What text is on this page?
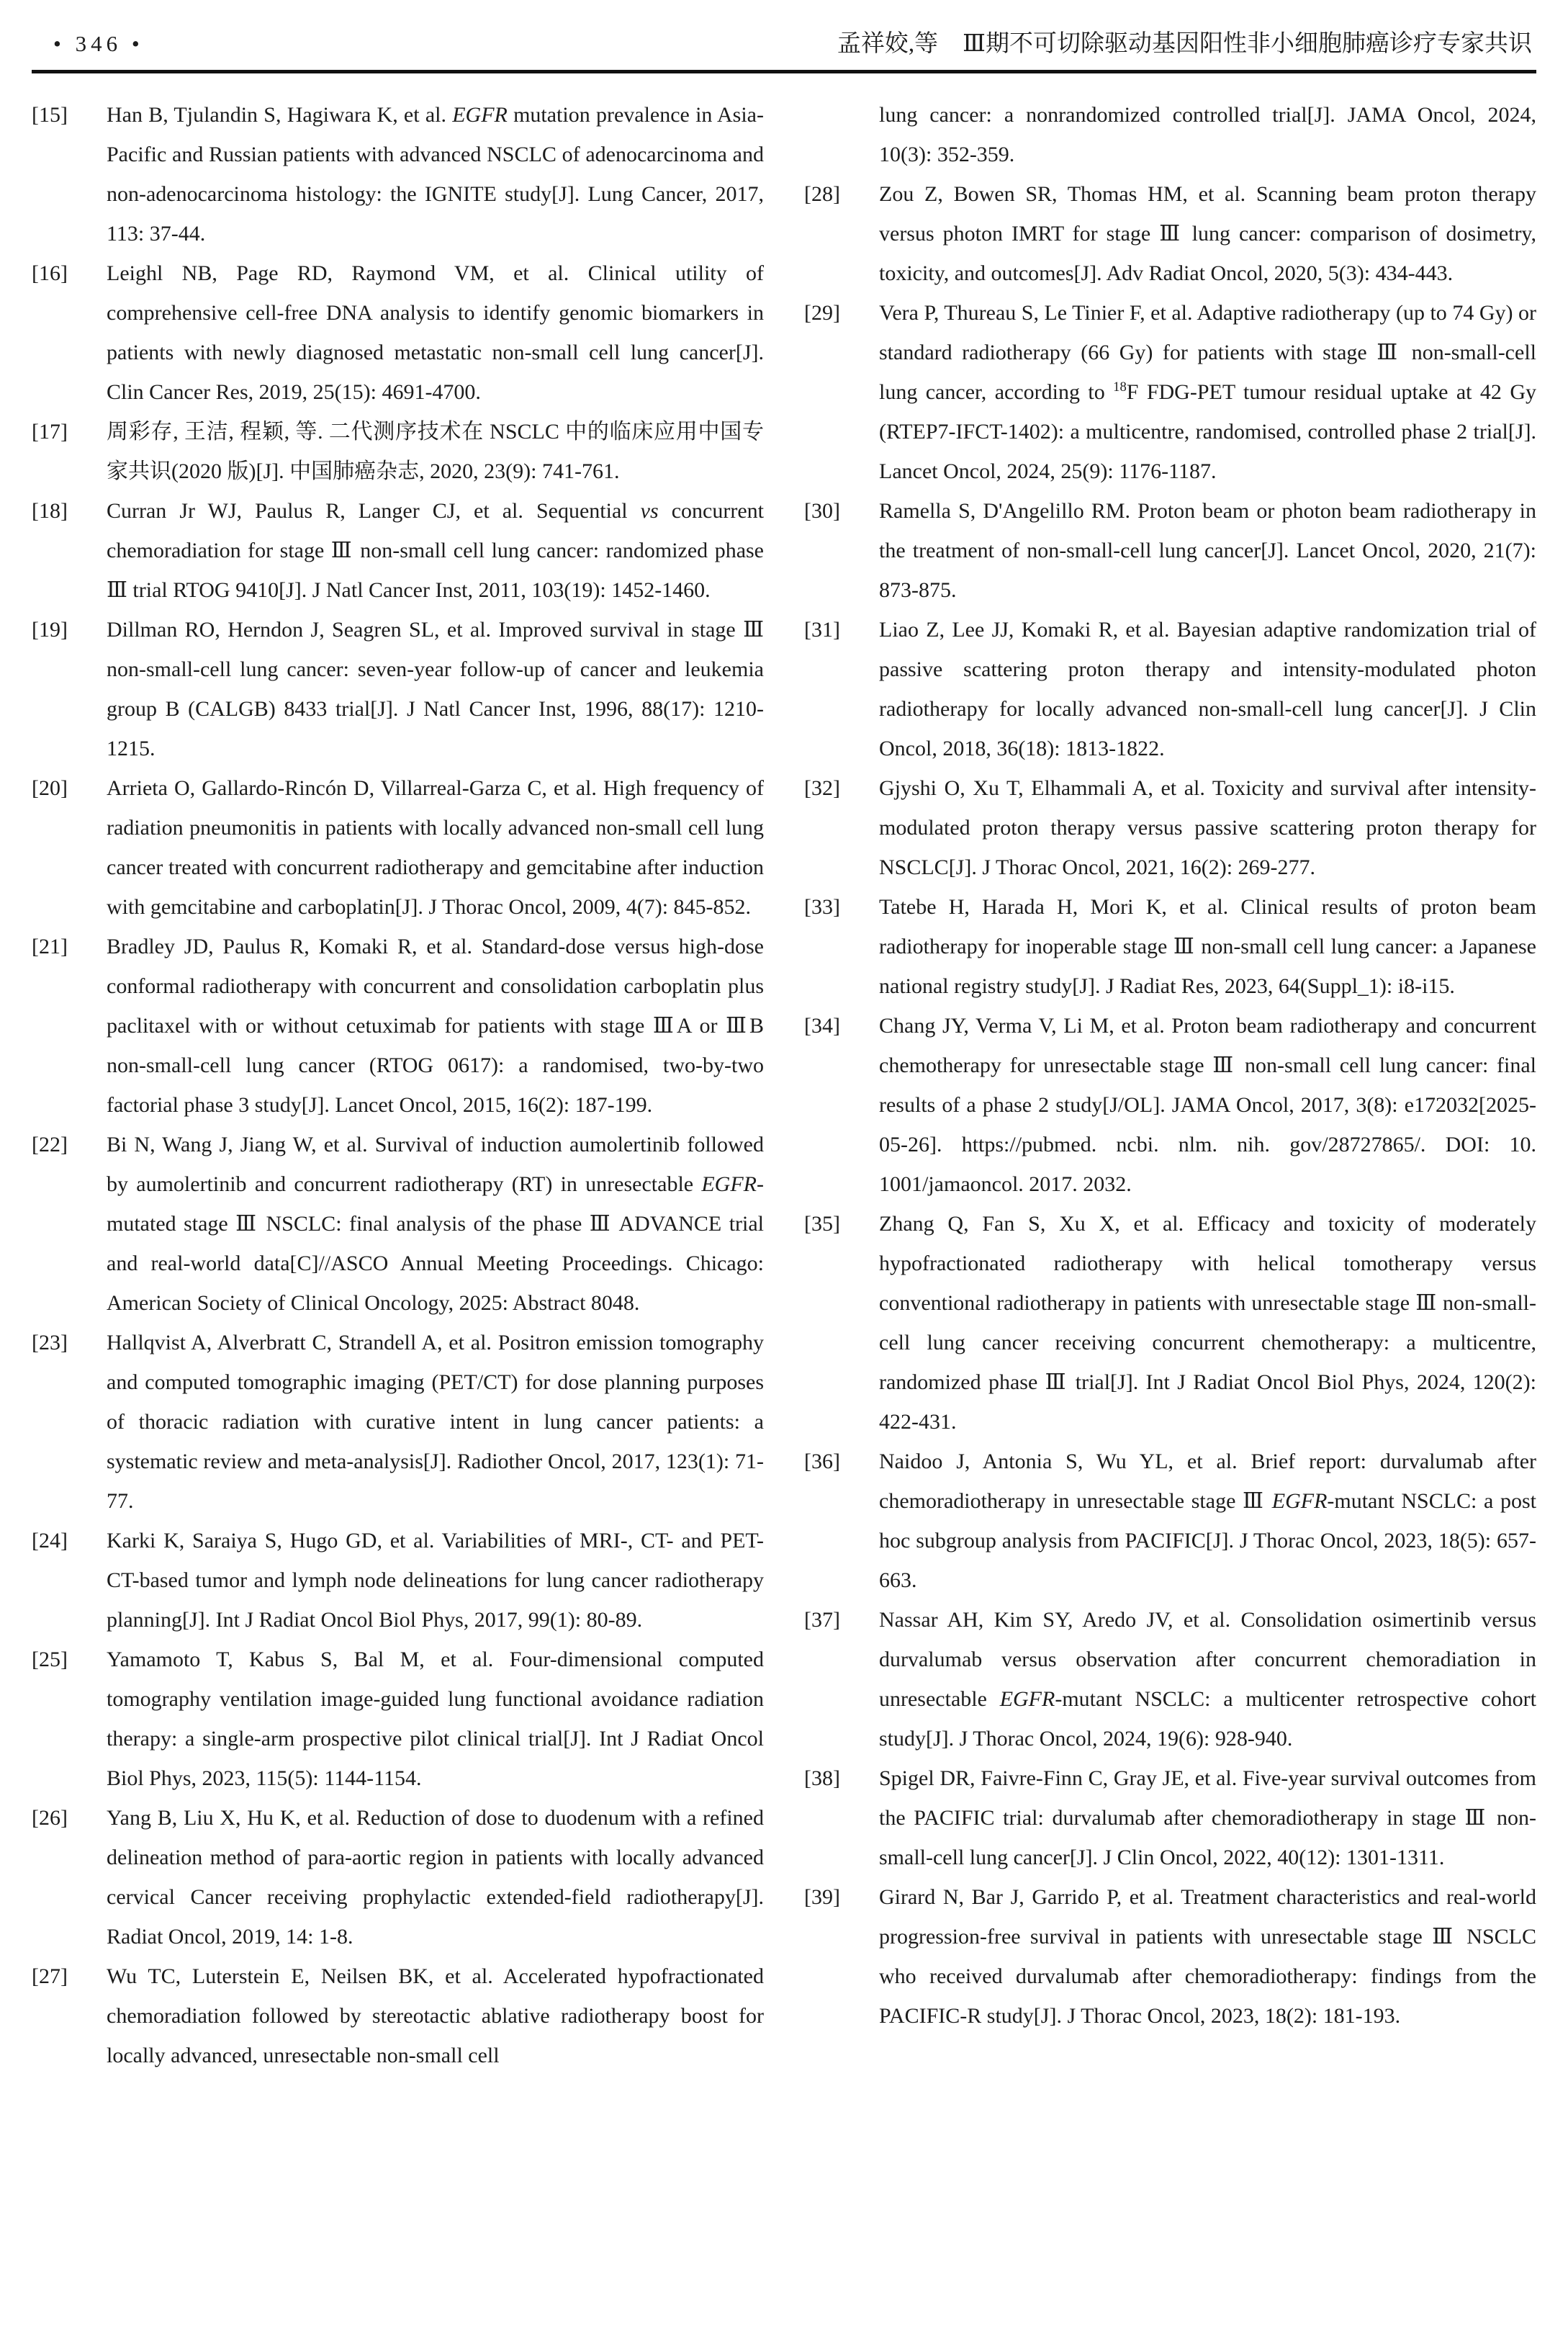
• 346 •	孟祥姣,等 Ⅲ期不可切除驱动基因阳性非小细胞肺癌诊疗专家共识
[15]	Han B, Tjulandin S, Hagiwara K, et al. EGFR mutation prevalence in Asia-Pacific and Russian patients with advanced NSCLC of adenocarcinoma and non-adenocarcinoma histology: the IGNITE study[J]. Lung Cancer, 2017, 113: 37-44.
[16]	Leighl NB, Page RD, Raymond VM, et al. Clinical utility of comprehensive cell-free DNA analysis to identify genomic biomarkers in patients with newly diagnosed metastatic non-small cell lung cancer[J]. Clin Cancer Res, 2019, 25(15): 4691-4700.
[17]	周彩存, 王洁, 程颖, 等. 二代测序技术在 NSCLC 中的临床应用中国专家共识(2020 版)[J]. 中国肺癌杂志, 2020, 23(9): 741-761.
[18]	Curran Jr WJ, Paulus R, Langer CJ, et al. Sequential vs concurrent chemoradiation for stage Ⅲ non-small cell lung cancer: randomized phase Ⅲ trial RTOG 9410[J]. J Natl Cancer Inst, 2011, 103(19): 1452-1460.
[19]	Dillman RO, Herndon J, Seagren SL, et al. Improved survival in stage Ⅲ non-small-cell lung cancer: seven-year follow-up of cancer and leukemia group B (CALGB) 8433 trial[J]. J Natl Cancer Inst, 1996, 88(17): 1210-1215.
[20]	Arrieta O, Gallardo-Rincón D, Villarreal-Garza C, et al. High frequency of radiation pneumonitis in patients with locally advanced non-small cell lung cancer treated with concurrent radiotherapy and gemcitabine after induction with gemcitabine and carboplatin[J]. J Thorac Oncol, 2009, 4(7): 845-852.
[21]	Bradley JD, Paulus R, Komaki R, et al. Standard-dose versus high-dose conformal radiotherapy with concurrent and consolidation carboplatin plus paclitaxel with or without cetuximab for patients with stage ⅢA or ⅢB non-small-cell lung cancer (RTOG 0617): a randomised, two-by-two factorial phase 3 study[J]. Lancet Oncol, 2015, 16(2): 187-199.
[22]	Bi N, Wang J, Jiang W, et al. Survival of induction aumolertinib followed by aumolertinib and concurrent radiotherapy (RT) in unresectable EGFR-mutated stage Ⅲ NSCLC: final analysis of the phase Ⅲ ADVANCE trial and real-world data[C]//ASCO Annual Meeting Proceedings. Chicago: American Society of Clinical Oncology, 2025: Abstract 8048.
[23]	Hallqvist A, Alverbratt C, Strandell A, et al. Positron emission tomography and computed tomographic imaging (PET/CT) for dose planning purposes of thoracic radiation with curative intent in lung cancer patients: a systematic review and meta-analysis[J]. Radiother Oncol, 2017, 123(1): 71-77.
[24]	Karki K, Saraiya S, Hugo GD, et al. Variabilities of MRI-, CT- and PET-CT-based tumor and lymph node delineations for lung cancer radiotherapy planning[J]. Int J Radiat Oncol Biol Phys, 2017, 99(1): 80-89.
[25]	Yamamoto T, Kabus S, Bal M, et al. Four-dimensional computed tomography ventilation image-guided lung functional avoidance radiation therapy: a single-arm prospective pilot clinical trial[J]. Int J Radiat Oncol Biol Phys, 2023, 115(5): 1144-1154.
[26]	Yang B, Liu X, Hu K, et al. Reduction of dose to duodenum with a refined delineation method of para-aortic region in patients with locally advanced cervical Cancer receiving prophylactic extended-field radiotherapy[J]. Radiat Oncol, 2019, 14: 1-8.
[27]	Wu TC, Luterstein E, Neilsen BK, et al. Accelerated hypofractionated chemoradiation followed by stereotactic ablative radiotherapy boost for locally advanced, unresectable non-small cell
lung cancer: a nonrandomized controlled trial[J]. JAMA Oncol, 2024, 10(3): 352-359.
[28]	Zou Z, Bowen SR, Thomas HM, et al. Scanning beam proton therapy versus photon IMRT for stage Ⅲ lung cancer: comparison of dosimetry, toxicity, and outcomes[J]. Adv Radiat Oncol, 2020, 5(3): 434-443.
[29]	Vera P, Thureau S, Le Tinier F, et al. Adaptive radiotherapy (up to 74 Gy) or standard radiotherapy (66 Gy) for patients with stage Ⅲ non-small-cell lung cancer, according to $^{18}$F FDG-PET tumour residual uptake at 42 Gy (RTEP7-IFCT-1402): a multicentre, randomised, controlled phase 2 trial[J]. Lancet Oncol, 2024, 25(9): 1176-1187.
[30]	Ramella S, D'Angelillo RM. Proton beam or photon beam radiotherapy in the treatment of non-small-cell lung cancer[J]. Lancet Oncol, 2020, 21(7): 873-875.
[31]	Liao Z, Lee JJ, Komaki R, et al. Bayesian adaptive randomization trial of passive scattering proton therapy and intensity-modulated photon radiotherapy for locally advanced non-small-cell lung cancer[J]. J Clin Oncol, 2018, 36(18): 1813-1822.
[32]	Gjyshi O, Xu T, Elhammali A, et al. Toxicity and survival after intensity-modulated proton therapy versus passive scattering proton therapy for NSCLC[J]. J Thorac Oncol, 2021, 16(2): 269-277.
[33]	Tatebe H, Harada H, Mori K, et al. Clinical results of proton beam radiotherapy for inoperable stage Ⅲ non-small cell lung cancer: a Japanese national registry study[J]. J Radiat Res, 2023, 64(Suppl_1): i8-i15.
[34]	Chang JY, Verma V, Li M, et al. Proton beam radiotherapy and concurrent chemotherapy for unresectable stage Ⅲ non-small cell lung cancer: final results of a phase 2 study[J/OL]. JAMA Oncol, 2017, 3(8): e172032[2025-05-26]. https://pubmed. ncbi. nlm. nih. gov/28727865/. DOI: 10. 1001/jamaoncol. 2017. 2032.
[35]	Zhang Q, Fan S, Xu X, et al. Efficacy and toxicity of moderately hypofractionated radiotherapy with helical tomotherapy versus conventional radiotherapy in patients with unresectable stage Ⅲ non-small-cell lung cancer receiving concurrent chemotherapy: a multicentre, randomized phase Ⅲ trial[J]. Int J Radiat Oncol Biol Phys, 2024, 120(2): 422-431.
[36]	Naidoo J, Antonia S, Wu YL, et al. Brief report: durvalumab after chemoradiotherapy in unresectable stage Ⅲ EGFR-mutant NSCLC: a post hoc subgroup analysis from PACIFIC[J]. J Thorac Oncol, 2023, 18(5): 657-663.
[37]	Nassar AH, Kim SY, Aredo JV, et al. Consolidation osimertinib versus durvalumab versus observation after concurrent chemoradiation in unresectable EGFR-mutant NSCLC: a multicenter retrospective cohort study[J]. J Thorac Oncol, 2024, 19(6): 928-940.
[38]	Spigel DR, Faivre-Finn C, Gray JE, et al. Five-year survival outcomes from the PACIFIC trial: durvalumab after chemoradiotherapy in stage Ⅲ non-small-cell lung cancer[J]. J Clin Oncol, 2022, 40(12): 1301-1311.
[39]	Girard N, Bar J, Garrido P, et al. Treatment characteristics and real-world progression-free survival in patients with unresectable stage Ⅲ NSCLC who received durvalumab after chemoradiotherapy: findings from the PACIFIC-R study[J]. J Thorac Oncol, 2023, 18(2): 181-193.
